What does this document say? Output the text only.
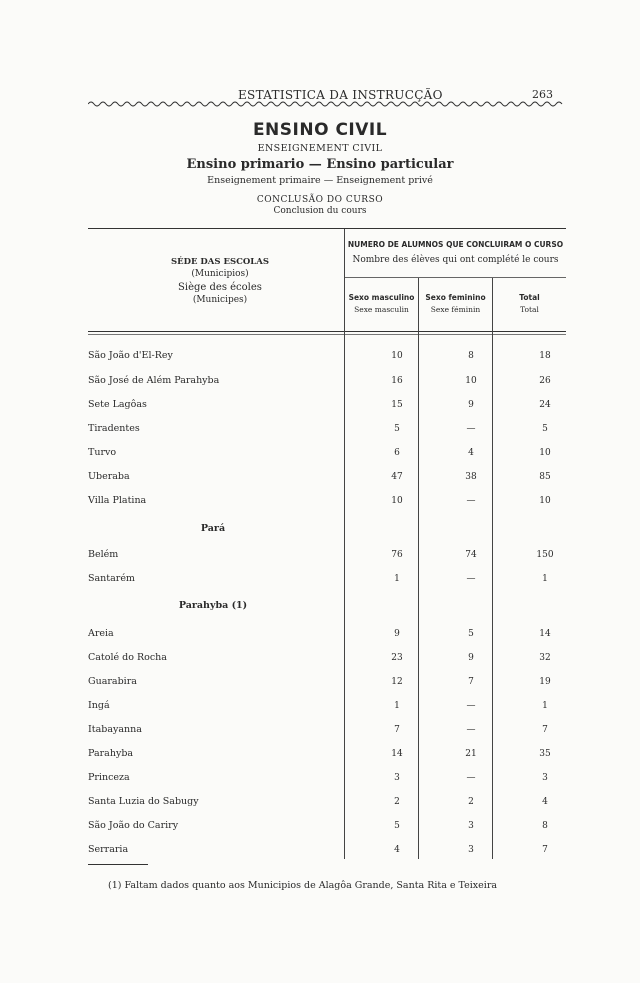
ESTATISTICA DA INSTRUCÇÃO	263
ENSINO CIVIL
ENSEIGNEMENT CIVIL
Ensino primario — Ensino particular
Enseignement primaire — Enseignement privé
CONCLUSÃO DO CURSO
Conclusion du cours
SÉDE DAS ESCOLAS
(Municipios)
Siège des écoles
(Municipes)
NUMERO DE ALUMNOS QUE CONCLUIRAM O CURSO
Nombre des élèves qui ont complété le cours
Sexo masculino
Sexe masculin
Sexo feminino
Sexe féminin
Total
Total
São João d'El-Rey	10	8	18
São José de Além Parahyba	16	10	26
Sete Lagôas	15	9	24
Tiradentes	5	—	5
Turvo	6	4	10
Uberaba	47	38	85
Villa Platina	10	—	10
Pará
Belém	76	74	150
Santarém	1	—	1
Parahyba (1)
Areia	9	5	14
Catolé do Rocha	23	9	32
Guarabira	12	7	19
Ingá	1	—	1
Itabayanna	7	—	7
Parahyba	14	21	35
Princeza	3	—	3
Santa Luzia do Sabugy	2	2	4
São João do Cariry	5	3	8
Serraria	4	3	7
(1) Faltam dados quanto aos Municipios de Alagôa Grande, Santa Rita e Teixeira
